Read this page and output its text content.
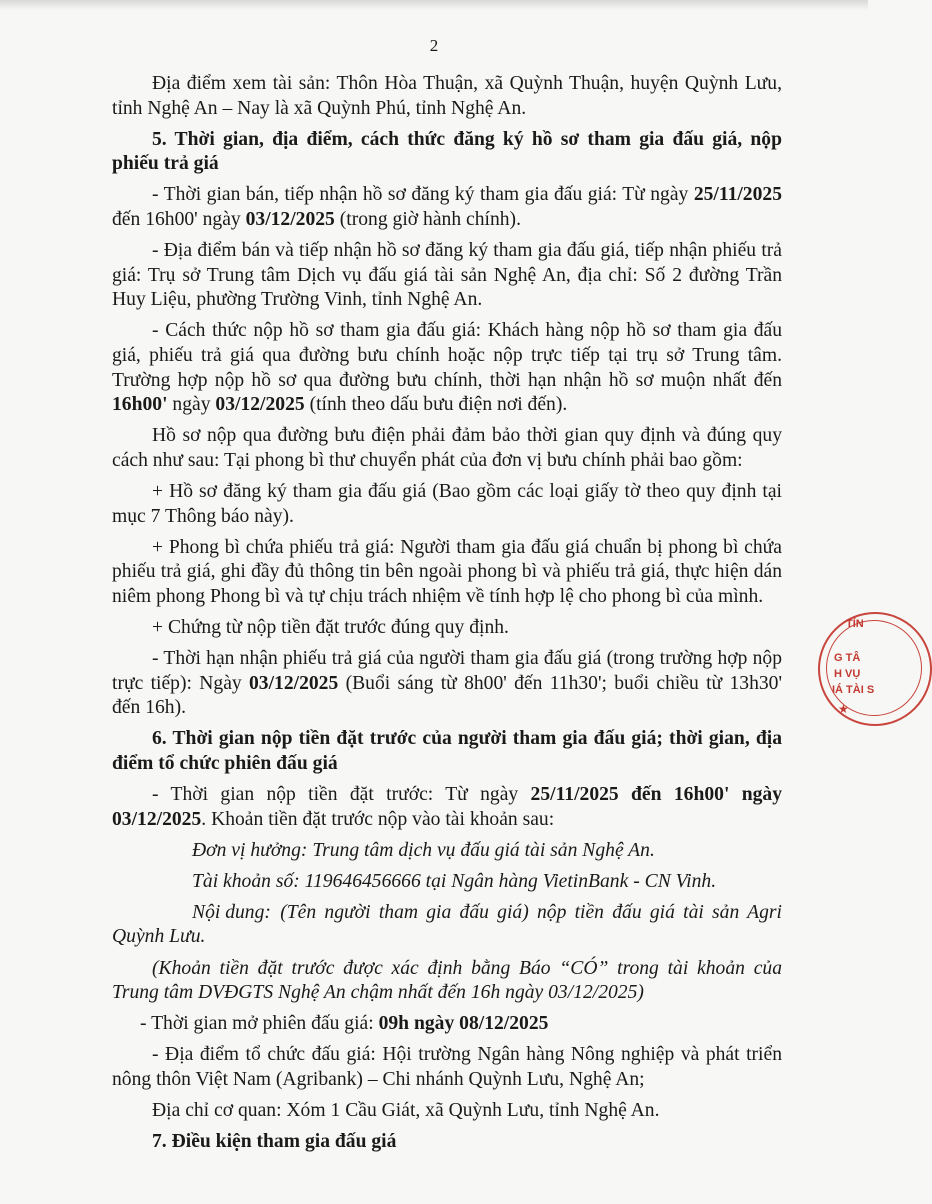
2

Địa điểm xem tài sản: Thôn Hòa Thuận, xã Quỳnh Thuận, huyện Quỳnh Lưu, tỉnh Nghệ An – Nay là xã Quỳnh Phú, tỉnh Nghệ An.

5. Thời gian, địa điểm, cách thức đăng ký hồ sơ tham gia đấu giá, nộp phiếu trả giá

- Thời gian bán, tiếp nhận hồ sơ đăng ký tham gia đấu giá: Từ ngày 25/11/2025 đến 16h00' ngày 03/12/2025 (trong giờ hành chính).

- Địa điểm bán và tiếp nhận hồ sơ đăng ký tham gia đấu giá, tiếp nhận phiếu trả giá: Trụ sở Trung tâm Dịch vụ đấu giá tài sản Nghệ An, địa chỉ: Số 2 đường Trần Huy Liệu, phường Trường Vinh, tỉnh Nghệ An.

- Cách thức nộp hồ sơ tham gia đấu giá: Khách hàng nộp hồ sơ tham gia đấu giá, phiếu trả giá qua đường bưu chính hoặc nộp trực tiếp tại trụ sở Trung tâm. Trường hợp nộp hồ sơ qua đường bưu chính, thời hạn nhận hồ sơ muộn nhất đến 16h00' ngày 03/12/2025 (tính theo dấu bưu điện nơi đến).

Hồ sơ nộp qua đường bưu điện phải đảm bảo thời gian quy định và đúng quy cách như sau: Tại phong bì thư chuyển phát của đơn vị bưu chính phải bao gồm:

+ Hồ sơ đăng ký tham gia đấu giá (Bao gồm các loại giấy tờ theo quy định tại mục 7 Thông báo này).

+ Phong bì chứa phiếu trả giá: Người tham gia đấu giá chuẩn bị phong bì chứa phiếu trả giá, ghi đầy đủ thông tin bên ngoài phong bì và phiếu trả giá, thực hiện dán niêm phong Phong bì và tự chịu trách nhiệm về tính hợp lệ cho phong bì của mình.

+ Chứng từ nộp tiền đặt trước đúng quy định.

- Thời hạn nhận phiếu trả giá của người tham gia đấu giá (trong trường hợp nộp trực tiếp): Ngày 03/12/2025 (Buổi sáng từ 8h00' đến 11h30'; buổi chiều từ 13h30' đến 16h).

6. Thời gian nộp tiền đặt trước của người tham gia đấu giá; thời gian, địa điểm tổ chức phiên đấu giá

- Thời gian nộp tiền đặt trước: Từ ngày 25/11/2025 đến 16h00' ngày 03/12/2025. Khoản tiền đặt trước nộp vào tài khoản sau:

Đơn vị hưởng: Trung tâm dịch vụ đấu giá tài sản Nghệ An.

Tài khoản số: 119646456666 tại Ngân hàng VietinBank - CN Vinh.

Nội dung: (Tên người tham gia đấu giá) nộp tiền đấu giá tài sản Agri Quỳnh Lưu.

(Khoản tiền đặt trước được xác định bằng Báo “CÓ” trong tài khoản của Trung tâm DVĐGTS Nghệ An chậm nhất đến 16h ngày 03/12/2025)

- Thời gian mở phiên đấu giá: 09h ngày 08/12/2025

- Địa điểm tổ chức đấu giá: Hội trường Ngân hàng Nông nghiệp và phát triển nông thôn Việt Nam (Agribank) – Chi nhánh Quỳnh Lưu, Nghệ An;

Địa chỉ cơ quan: Xóm 1 Cầu Giát, xã Quỳnh Lưu, tỉnh Nghệ An.

7. Điều kiện tham gia đấu giá

TỈN
G TÂ
H VỤ
IÁ TÀI S
★
